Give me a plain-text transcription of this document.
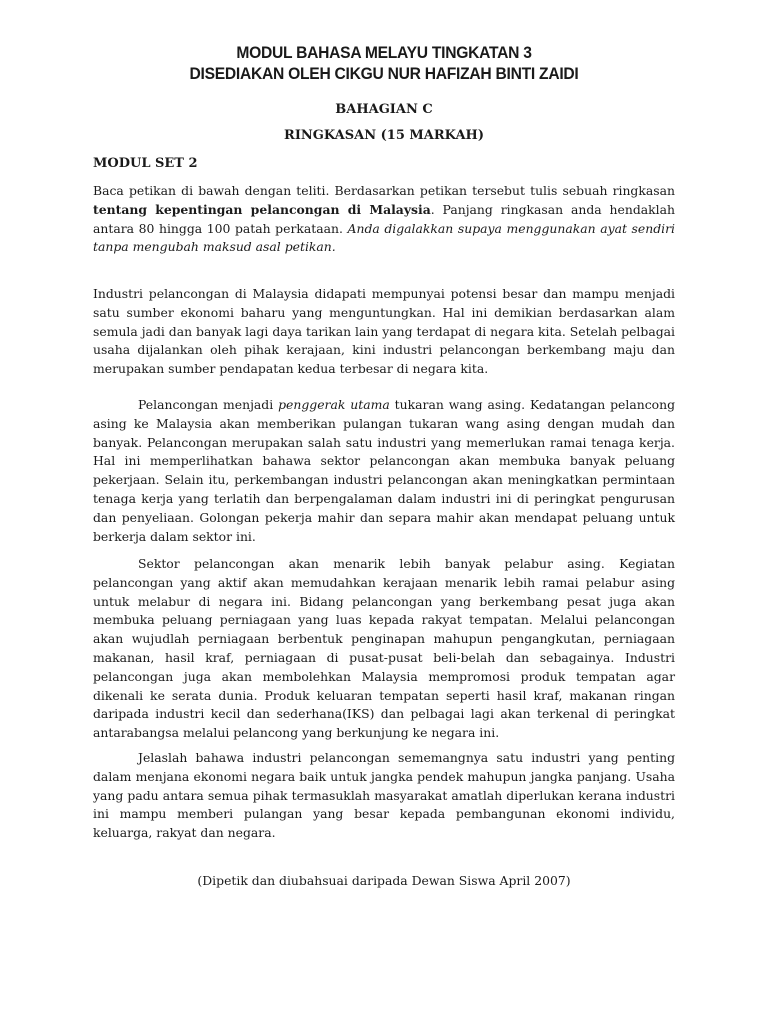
MODUL BAHASA MELAYU TINGKATAN 3
DISEDIAKAN OLEH CIKGU NUR HAFIZAH BINTI ZAIDI
BAHAGIAN C
RINGKASAN (15 MARKAH)
MODUL SET 2
Baca petikan di bawah dengan teliti. Berdasarkan petikan tersebut tulis sebuah ringkasan tentang kepentingan pelancongan di Malaysia. Panjang ringkasan anda hendaklah antara 80 hingga 100 patah perkataan. Anda digalakkan supaya menggunakan ayat sendiri tanpa mengubah maksud asal petikan.

Industri pelancongan di Malaysia didapati mempunyai potensi besar dan mampu menjadi satu sumber ekonomi baharu yang menguntungkan. Hal ini demikian berdasarkan alam semula jadi dan banyak lagi daya tarikan lain yang terdapat di negara kita. Setelah pelbagai usaha dijalankan oleh pihak kerajaan, kini industri pelancongan berkembang maju dan merupakan sumber pendapatan kedua terbesar di negara kita.

Pelancongan menjadi penggerak utama tukaran wang asing. Kedatangan pelancong asing ke Malaysia akan memberikan pulangan tukaran wang asing dengan mudah dan banyak. Pelancongan merupakan salah satu industri yang memerlukan ramai tenaga kerja. Hal ini memperlihatkan bahawa sektor pelancongan akan membuka banyak peluang pekerjaan. Selain itu, perkembangan industri pelancongan akan meningkatkan permintaan tenaga kerja yang terlatih dan berpengalaman dalam industri ini di peringkat pengurusan dan penyeliaan. Golongan pekerja mahir dan separa mahir akan mendapat peluang untuk berkerja dalam sektor ini.

Sektor pelancongan akan menarik lebih banyak pelabur asing. Kegiatan pelancongan yang aktif akan memudahkan kerajaan menarik lebih ramai pelabur asing untuk melabur di negara ini. Bidang pelancongan yang berkembang pesat juga akan membuka peluang perniagaan yang luas kepada rakyat tempatan. Melalui pelancongan akan wujudlah perniagaan berbentuk penginapan mahupun pengangkutan, perniagaan makanan, hasil kraf, perniagaan di pusat-pusat beli-belah dan sebagainya. Industri pelancongan juga akan membolehkan Malaysia mempromosi produk tempatan agar dikenali ke serata dunia. Produk keluaran tempatan seperti hasil kraf, makanan ringan daripada industri kecil dan sederhana(IKS) dan pelbagai lagi akan terkenal di peringkat antarabangsa melalui pelancong yang berkunjung ke negara ini.

Jelaslah bahawa industri pelancongan sememangnya satu industri yang penting dalam menjana ekonomi negara baik untuk jangka pendek mahupun jangka panjang. Usaha yang padu antara semua pihak termasuklah masyarakat amatlah diperlukan kerana industri ini mampu memberi pulangan yang besar kepada pembangunan ekonomi individu, keluarga, rakyat dan negara.

(Dipetik dan diubahsuai daripada Dewan Siswa April 2007)
